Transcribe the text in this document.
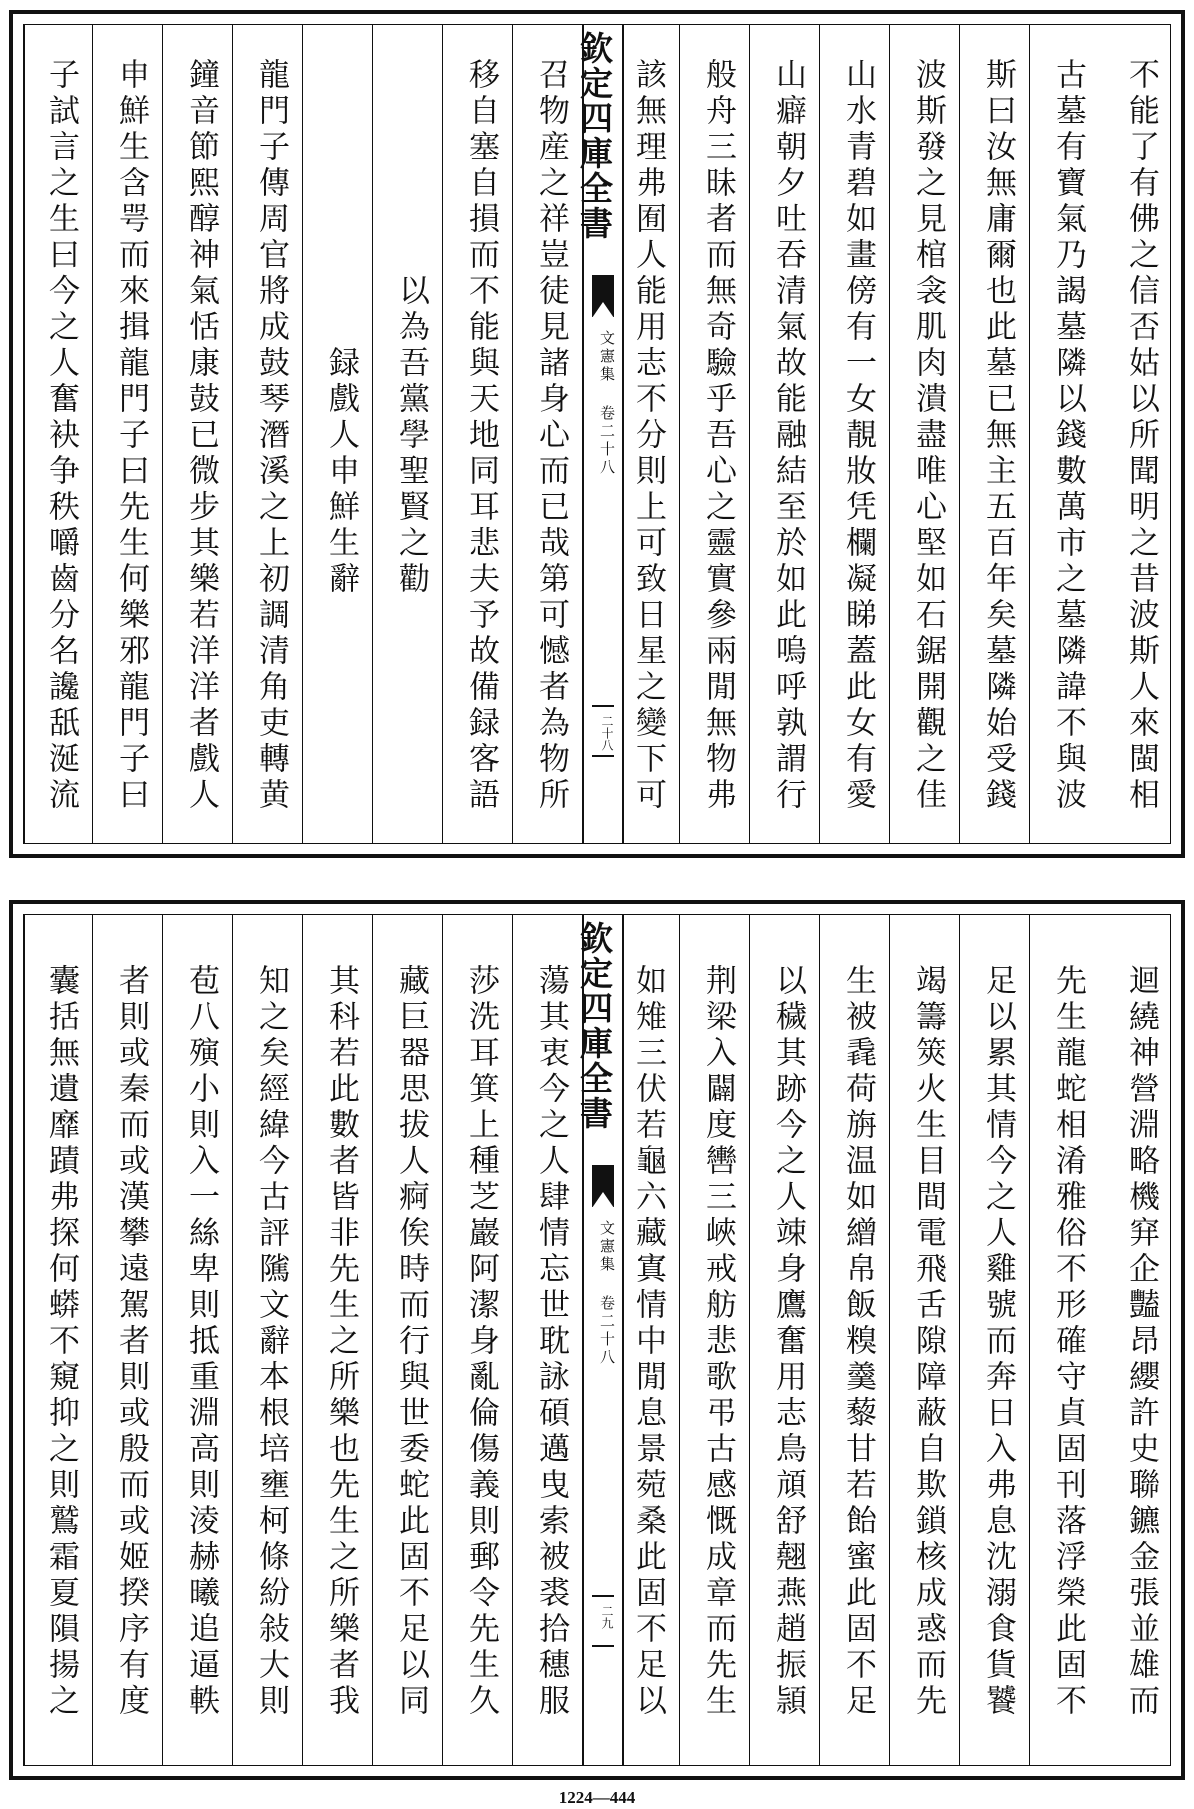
不能了有佛之信否姑以所聞明之昔波斯人來閩相
古墓有寶氣乃謁墓隣以錢數萬市之墓隣諱不與波
斯曰汝無庸爾也此墓已無主五百年矣墓隣始受錢
波斯發之見棺衾肌肉潰盡唯心堅如石鋸開觀之佳
山水青碧如畫傍有一女靚妝凭欄凝睇蓋此女有愛
山癖朝夕吐吞清氣故能融結至於如此嗚呼孰謂行
般舟三昧者而無奇驗乎吾心之靈實參兩閒無物弗
該無理弗囿人能用志不分則上可致日星之變下可
欽定四庫全書
文憲集 卷二十八
二十八
召物産之祥豈徒見諸身心而已哉第可憾者為物所
移自塞自損而不能與天地同耳悲夫予故備録客語
以為吾黨學聖賢之勸
　　録戲人申鮮生辭
龍門子傳周官將成鼓琴潛溪之上初調清角吏轉黄
鐘音節熙醇神氣恬康鼓已微步其樂若洋洋者戲人
申鮮生含咢而來揖龍門子曰先生何樂邪龍門子曰
子試言之生曰今之人奮袂争秩嚼齒分名讒舐涎流
迴繞神營淵略機穽企豔昂纓許史聯鑣金張並雄而
先生龍蛇相淆雅俗不形確守貞固刊落浮榮此固不
足以累其情今之人雞號而奔日入弗息沈溺食貨饕
竭籌筴火生目間電飛舌隙障蔽自欺鎖核成惑而先
生被毳荷旃温如繒帛飯糗羹藜甘若飴蜜此固不足
以穢其跡今之人竦身鷹奮用志鳥頏舒翹燕趙振頴
荆梁入闢度轡三峽戒舫悲歌弔古感慨成章而先生
如雉三伏若龜六藏寘情中閒息景菀桑此固不足以
欽定四庫全書
文憲集 卷二十八
二九
蕩其衷今之人肆情忘世耽詠碩邁曳索被裘拾穗服
莎洗耳箕上種芝巖阿潔身亂倫傷義則郵令先生久
藏巨器思拔人痾俟時而行與世委蛇此固不足以同
其科若此數者皆非先生之所樂也先生之所樂者我
知之矣經緯今古評隲文辭本根培壅柯條紛敍大則
苞八殥小則入一絲卑則抵重淵高則淩赫曦追逼軼
者則或秦而或漢攀遠駕者則或殷而或姬揆序有度
囊括無遺靡蹟弗探何蟒不窺抑之則鷲霜夏隕揚之
1224—444
